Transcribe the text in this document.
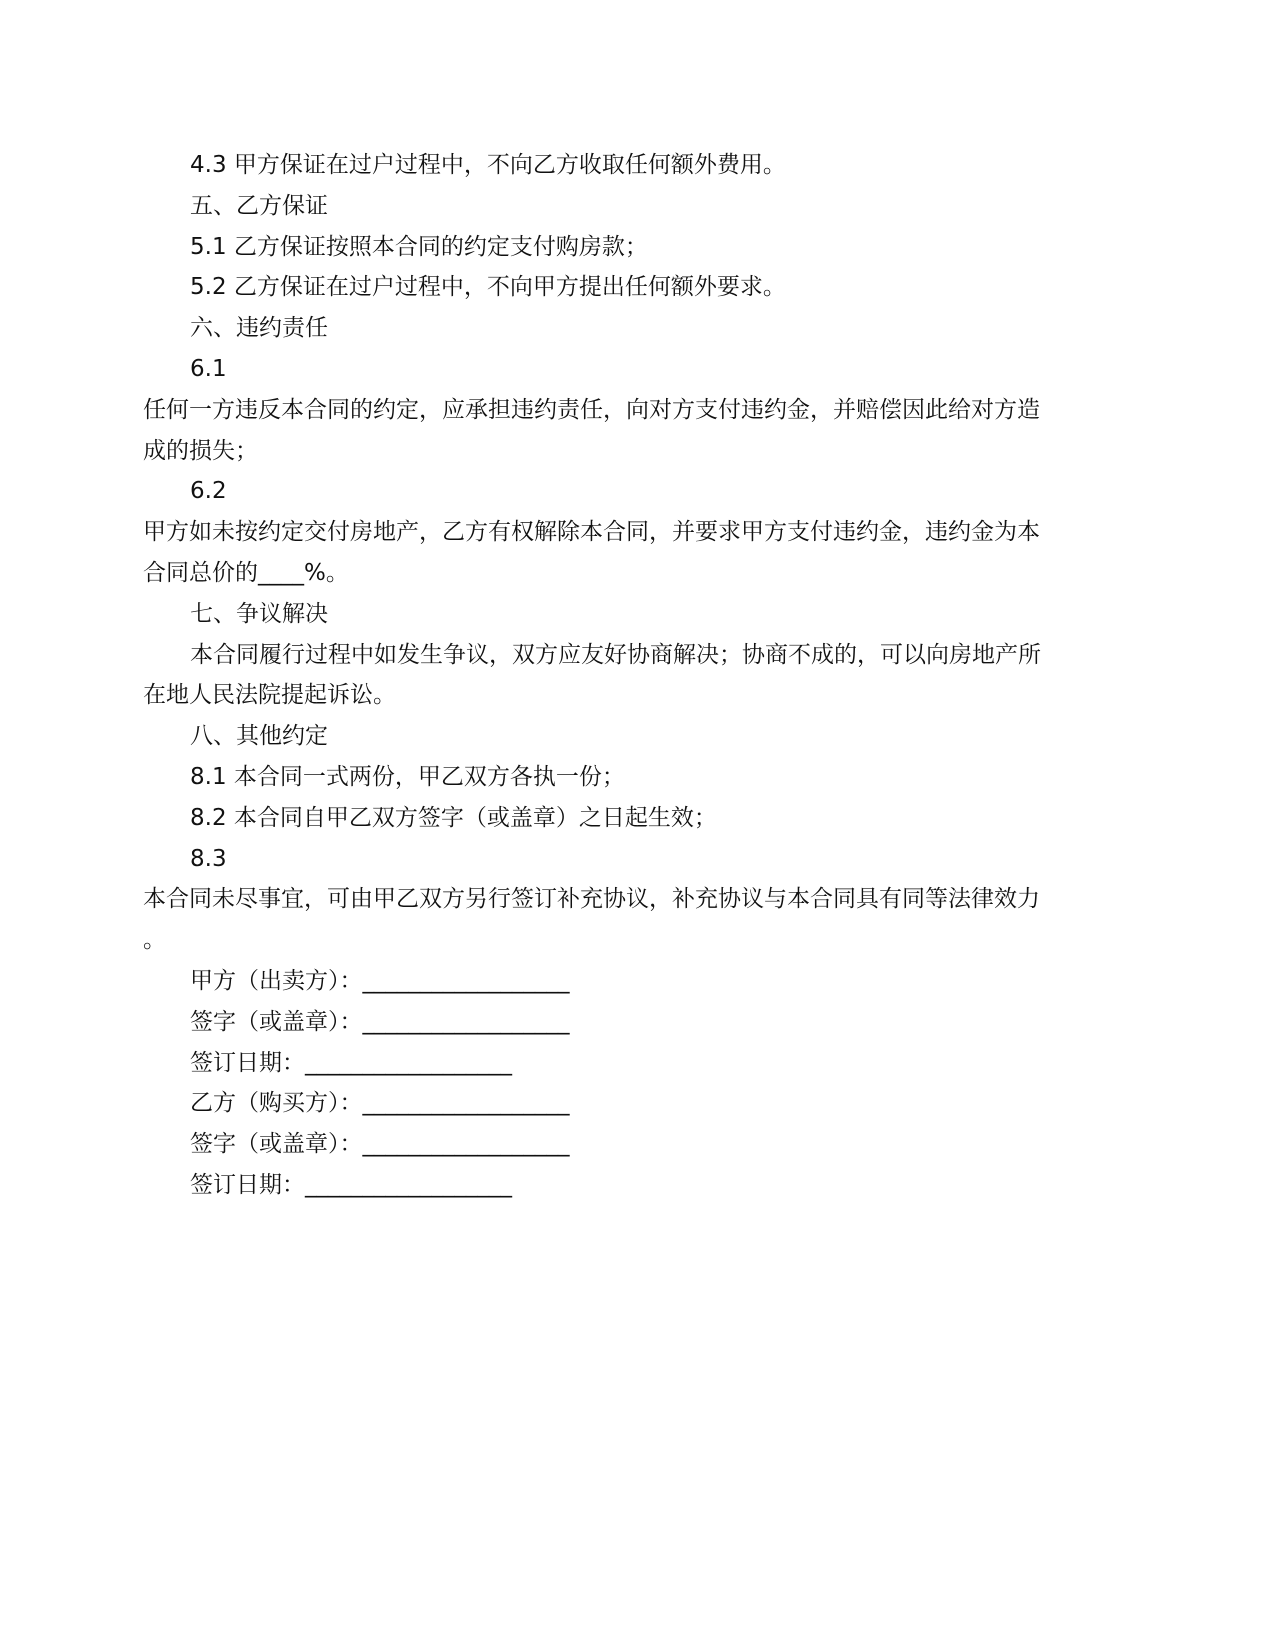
4.3 甲方保证在过户过程中，不向乙方收取任何额外费用。
五、乙方保证
5.1 乙方保证按照本合同的约定支付购房款；
5.2 乙方保证在过户过程中，不向甲方提出任何额外要求。
六、违约责任
6.1
任何一方违反本合同的约定，应承担违约责任，向对方支付违约金，并赔偿因此给对方造
成的损失；
6.2
甲方如未按约定交付房地产，乙方有权解除本合同，并要求甲方支付违约金，违约金为本
合同总价的____%。
七、争议解决
本合同履行过程中如发生争议，双方应友好协商解决；协商不成的，可以向房地产所
在地人民法院提起诉讼。
八、其他约定
8.1 本合同一式两份，甲乙双方各执一份；
8.2 本合同自甲乙双方签字（或盖章）之日起生效；
8.3
本合同未尽事宜，可由甲乙双方另行签订补充协议，补充协议与本合同具有同等法律效力
。
甲方（出卖方）：__________________
签字（或盖章）：__________________
签订日期：__________________
乙方（购买方）：__________________
签字（或盖章）：__________________
签订日期：__________________
